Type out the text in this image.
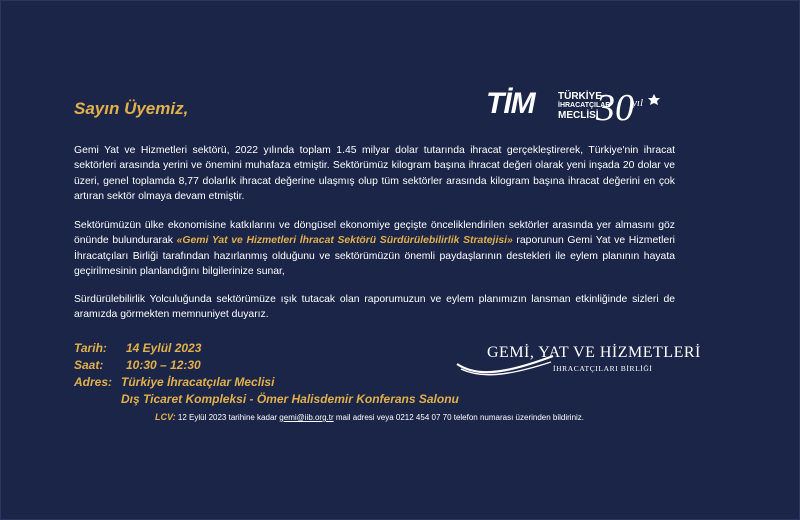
Sayın Üyemiz,	TİM TÜRKİYE
İHRACATÇILAR
MECLİSİ
30
yıl
Gemi Yat ve Hizmetleri sektörü, 2022 yılında toplam 1.45 milyar dolar tutarında ihracat gerçekleştirerek, Türkiye'nin ihracat sektörleri arasında yerini ve önemini muhafaza etmiştir. Sektörümüz kilogram başına ihracat değeri olarak yeni inşada 20 dolar ve üzeri, genel toplamda 8,77 dolarlık ihracat değerine ulaşmış olup tüm sektörler arasında kilogram başına ihracat değerini en çok artıran sektör olmaya devam etmiştir.
Sektörümüzün ülke ekonomisine katkılarını ve döngüsel ekonomiye geçişte önceliklendirilen sektörler arasında yer almasını göz önünde bulundurarak «Gemi Yat ve Hizmetleri İhracat Sektörü Sürdürülebilirlik Stratejisi» raporunun Gemi Yat ve Hizmetleri İhracatçıları Birliği tarafından hazırlanmış olduğunu ve sektörümüzün önemli paydaşlarının destekleri ile eylem planının hayata geçirilmesinin planlandığını bilgilerinize sunar,
Sürdürülebilirlik Yolculuğunda sektörümüze ışık tutacak olan raporumuzun ve eylem planımızın lansman etkinliğinde sizleri de aramızda görmekten memnuniyet duyarız.
Tarih: 14 Eylül 2023
Saat: 10:30 – 12:30
Adres: Türkiye İhracatçılar Meclisi
Dış Ticaret Kompleksi - Ömer Halisdemir Konferans Salonu
GEMİ, YAT VE HİZMETLERİ
İHRACATÇILARI BİRLİĞİ
LCV: 12 Eylül 2023 tarihine kadar gemi@iib.org.tr mail adresi veya 0212 454 07 70 telefon numarası üzerinden bildiriniz.
